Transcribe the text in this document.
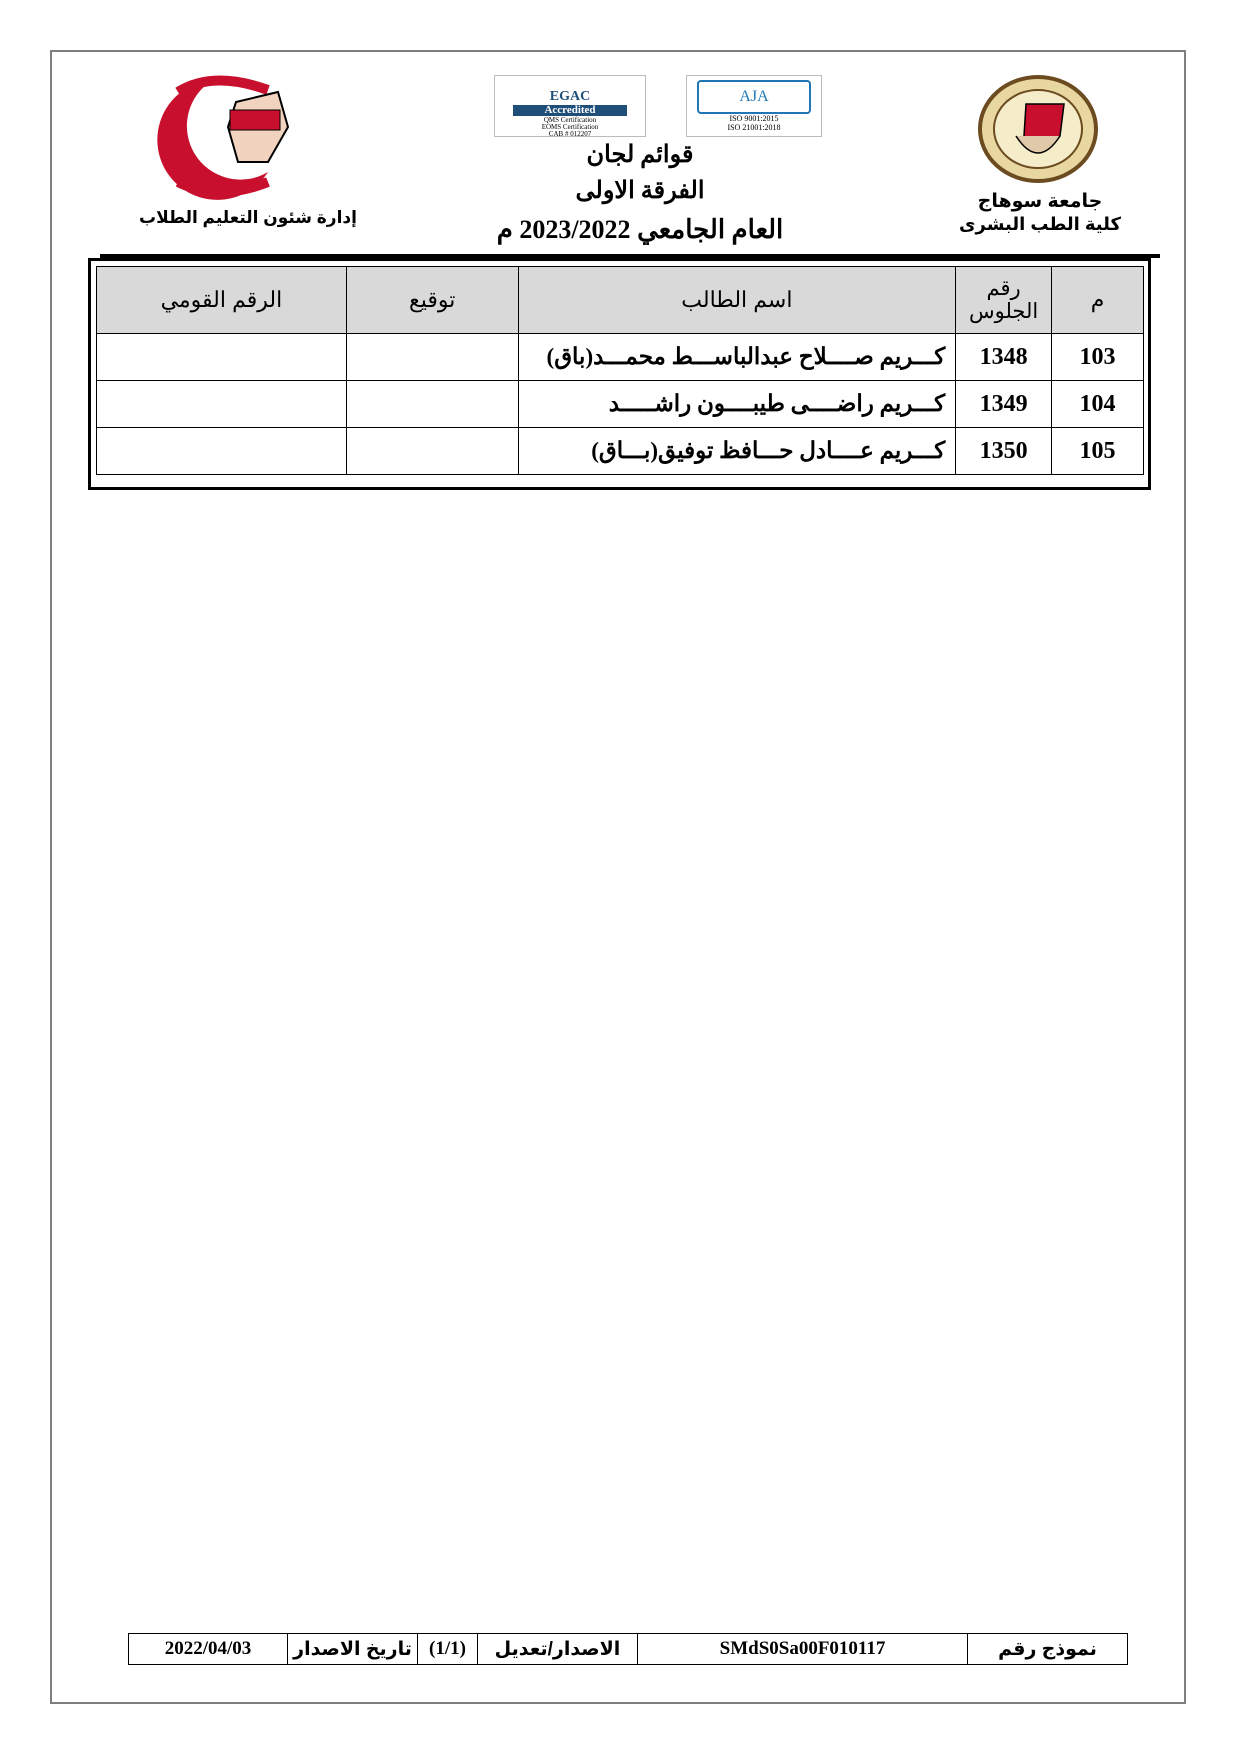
إدارة شئون التعليم الطلاب
EGAC
Accredited
QMS Certification
EOMS Certification
CAB # 012207
AJA
ISO 9001:2015
ISO 21001:2018
قوائم لجان
الفرقة الاولى
العام الجامعي 2023/2022 م
جامعة سوهاج
كلية الطب البشرى
م	رقم الجلوس	اسم الطالب	توقيع	الرقم القومي
103	1348	كـــريم صــــلاح عبدالباســـط محمـــد(باق)		
104	1349	كـــريم راضــــى طيبــــون راشـــــد		
105	1350	كـــريم عــــادل حـــافظ توفيق(بـــاق)		
نموذج رقم
SMdS0Sa00F010117
الاصدار/تعديل
(1/1)
تاريخ الاصدار
2022/04/03
